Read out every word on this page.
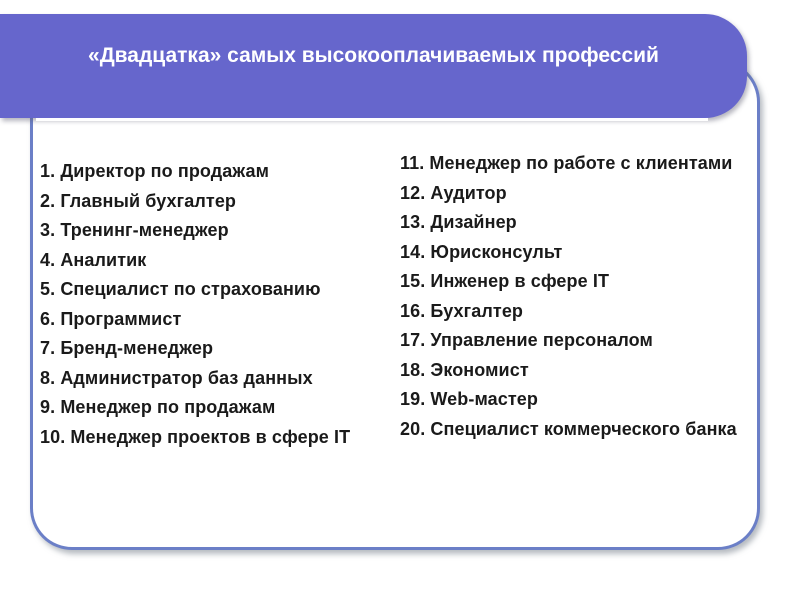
«Двадцатка» самых высокооплачиваемых профессий
1. Директор по продажам
2. Главный бухгалтер
3. Тренинг-менеджер
4. Аналитик
5. Специалист по страхованию
6. Программист
7. Бренд-менеджер
8. Администратор баз данных
9. Менеджер по продажам
10. Менеджер проектов в сфере IT
11. Менеджер по работе с клиентами
12. Аудитор
13. Дизайнер
14. Юрисконсульт
15. Инженер в сфере IT
16. Бухгалтер
17. Управление персоналом
18. Экономист
19. Web-мастер
20. Специалист коммерческого банка
